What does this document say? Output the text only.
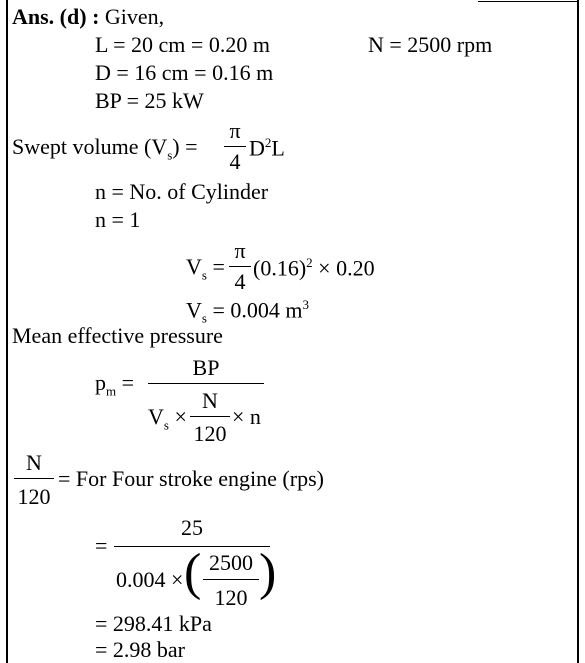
Ans. (d) : Given,
L = 20 cm = 0.20 m	N = 2500 rpm
D = 16 cm = 0.16 m
BP = 25 kW
Swept volume $(V_s)$ =
π
4
$D^2L$
n = No. of Cylinder
n = 1
$V_s$ =
π
4
$(0.16)^2 \times 0.20$
$V_s = 0.004$ $m^3$
Mean effective pressure
$p_m$ =
BP
$V_s$ ×
N
120
× n
N
120
= For Four stroke engine (rps)
=
25
0.004 × ( 2500
120 )
= 298.41 kPa
= 2.98 bar
